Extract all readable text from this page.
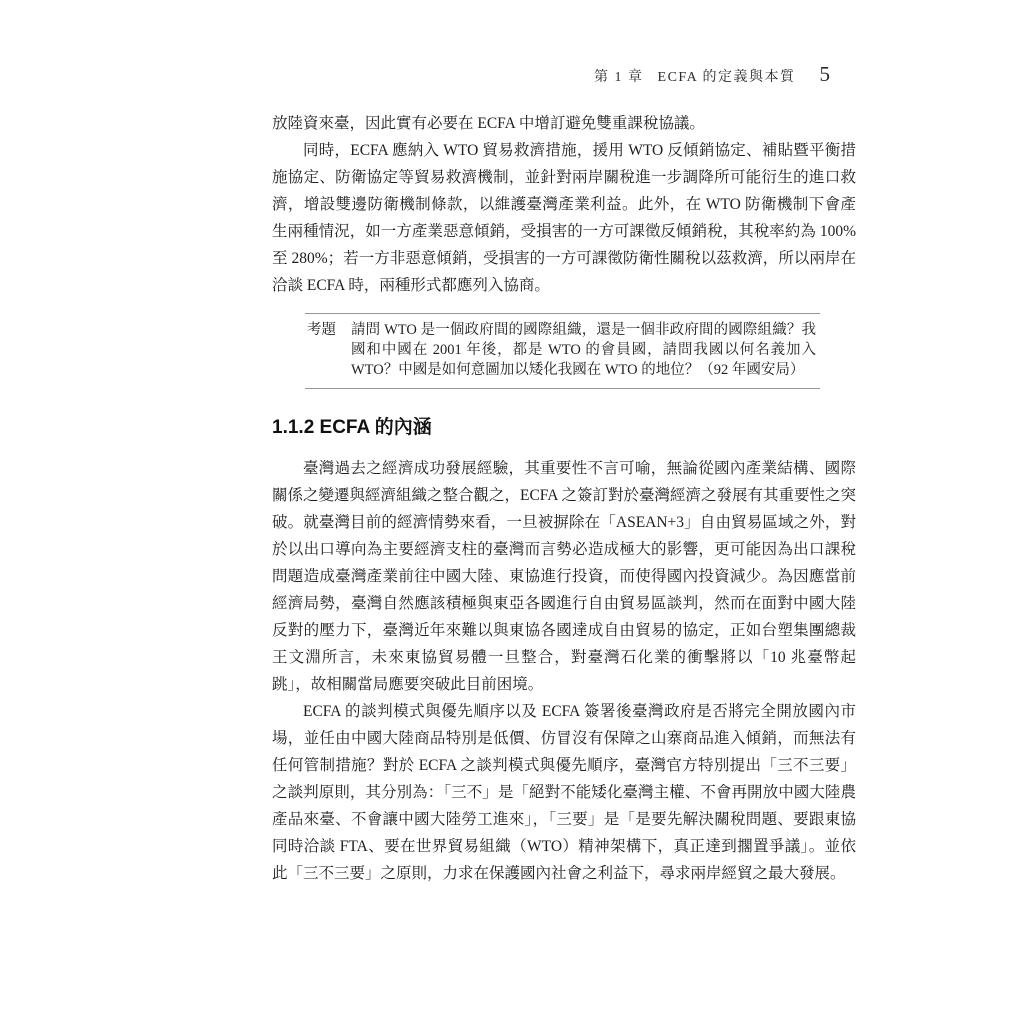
第 1 章 ECFA 的定義與本質 5

放陸資來臺，因此實有必要在 ECFA 中增訂避免雙重課稅協議。

同時，ECFA 應納入 WTO 貿易救濟措施，援用 WTO 反傾銷協定、補貼暨平衡措施協定、防衛協定等貿易救濟機制，並針對兩岸關稅進一步調降所可能衍生的進口救濟，增設雙邊防衛機制條款，以維護臺灣產業利益。此外，在 WTO 防衛機制下會產生兩種情況，如一方產業惡意傾銷，受損害的一方可課徵反傾銷稅，其稅率約為 100% 至 280%；若一方非惡意傾銷，受損害的一方可課徵防衛性關稅以茲救濟，所以兩岸在洽談 ECFA 時，兩種形式都應列入協商。

考題 請問 WTO 是一個政府間的國際組織，還是一個非政府間的國際組織？我國和中國在 2001 年後，都是 WTO 的會員國，請問我國以何名義加入 WTO？中國是如何意圖加以矮化我國在 WTO 的地位？（92 年國安局）
1.1.2 ECFA 的內涵

臺灣過去之經濟成功發展經驗，其重要性不言可喻，無論從國內產業結構、國際關係之變遷與經濟組織之整合觀之，ECFA 之簽訂對於臺灣經濟之發展有其重要性之突破。就臺灣目前的經濟情勢來看，一旦被摒除在「ASEAN+3」自由貿易區域之外，對於以出口導向為主要經濟支柱的臺灣而言勢必造成極大的影響，更可能因為出口課稅問題造成臺灣產業前往中國大陸、東協進行投資，而使得國內投資減少。為因應當前經濟局勢，臺灣自然應該積極與東亞各國進行自由貿易區談判，然而在面對中國大陸反對的壓力下，臺灣近年來難以與東協各國達成自由貿易的協定，正如台塑集團總裁王文淵所言，未來東協貿易體一旦整合，對臺灣石化業的衝擊將以「10 兆臺幣起跳」，故相關當局應要突破此目前困境。

ECFA 的談判模式與優先順序以及 ECFA 簽署後臺灣政府是否將完全開放國內市場，並任由中國大陸商品特別是低價、仿冒沒有保障之山寨商品進入傾銷，而無法有任何管制措施？對於 ECFA 之談判模式與優先順序，臺灣官方特別提出「三不三要」之談判原則，其分別為：「三不」是「絕對不能矮化臺灣主權、不會再開放中國大陸農產品來臺、不會讓中國大陸勞工進來」，「三要」是「是要先解決關稅問題、要跟東協同時洽談 FTA、要在世界貿易組織（WTO）精神架構下，真正達到擱置爭議」。並依此「三不三要」之原則，力求在保護國內社會之利益下，尋求兩岸經貿之最大發展。
